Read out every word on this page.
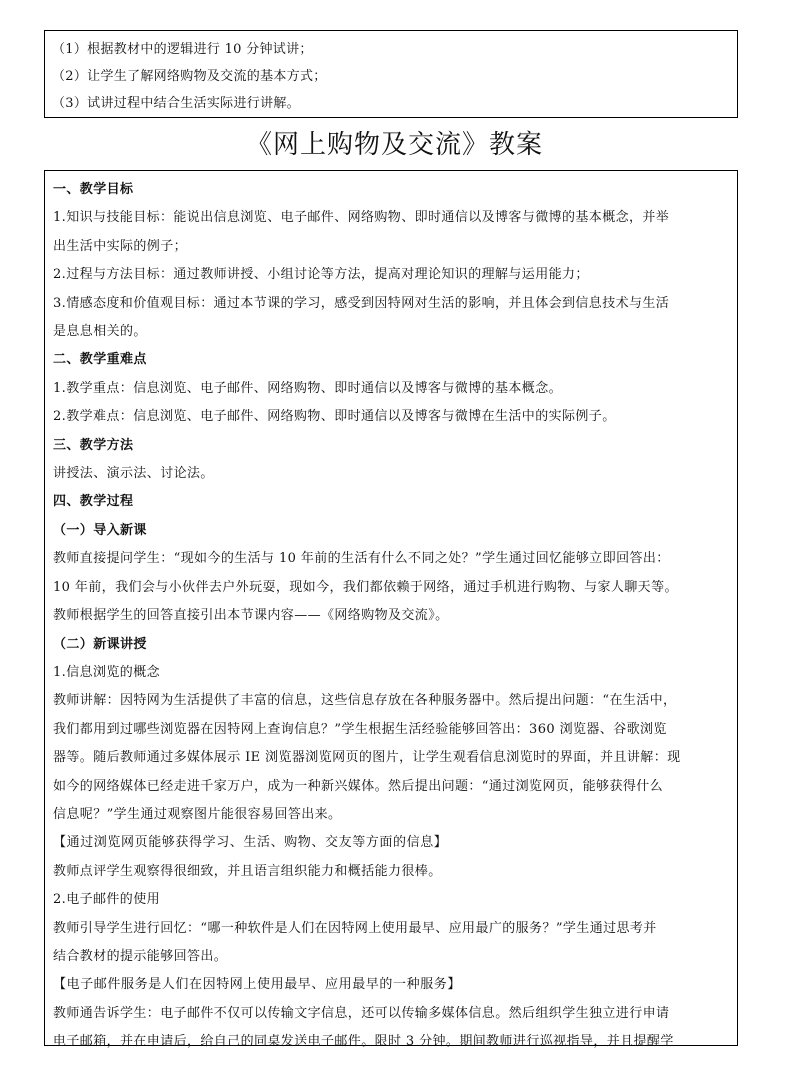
（1）根据教材中的逻辑进行 10 分钟试讲；
（2）让学生了解网络购物及交流的基本方式；
（3）试讲过程中结合生活实际进行讲解。
《网上购物及交流》教案
一、教学目标
1.知识与技能目标：能说出信息浏览、电子邮件、网络购物、即时通信以及博客与微博的基本概念，并举
出生活中实际的例子；
2.过程与方法目标：通过教师讲授、小组讨论等方法，提高对理论知识的理解与运用能力；
3.情感态度和价值观目标：通过本节课的学习，感受到因特网对生活的影响，并且体会到信息技术与生活
是息息相关的。
二、教学重难点
1.教学重点：信息浏览、电子邮件、网络购物、即时通信以及博客与微博的基本概念。
2.教学难点：信息浏览、电子邮件、网络购物、即时通信以及博客与微博在生活中的实际例子。
三、教学方法
讲授法、演示法、讨论法。
四、教学过程
（一）导入新课
教师直接提问学生：“现如今的生活与 10 年前的生活有什么不同之处？”学生通过回忆能够立即回答出：
10 年前，我们会与小伙伴去户外玩耍，现如今，我们都依赖于网络，通过手机进行购物、与家人聊天等。
教师根据学生的回答直接引出本节课内容——《网络购物及交流》。
（二）新课讲授
1.信息浏览的概念
教师讲解：因特网为生活提供了丰富的信息，这些信息存放在各种服务器中。然后提出问题：“在生活中，
我们都用到过哪些浏览器在因特网上查询信息？”学生根据生活经验能够回答出：360 浏览器、谷歌浏览
器等。随后教师通过多媒体展示 IE 浏览器浏览网页的图片，让学生观看信息浏览时的界面，并且讲解：现
如今的网络媒体已经走进千家万户，成为一种新兴媒体。然后提出问题：“通过浏览网页，能够获得什么
信息呢？”学生通过观察图片能很容易回答出来。
【通过浏览网页能够获得学习、生活、购物、交友等方面的信息】
教师点评学生观察得很细致，并且语言组织能力和概括能力很棒。
2.电子邮件的使用
教师引导学生进行回忆：“哪一种软件是人们在因特网上使用最早、应用最广的服务？”学生通过思考并
结合教材的提示能够回答出。
【电子邮件服务是人们在因特网上使用最早、应用最早的一种服务】
教师通告诉学生：电子邮件不仅可以传输文字信息，还可以传输多媒体信息。然后组织学生独立进行申请
电子邮箱，并在申请后，给自己的同桌发送电子邮件。限时 3 分钟。期间教师进行巡视指导，并且提醒学
